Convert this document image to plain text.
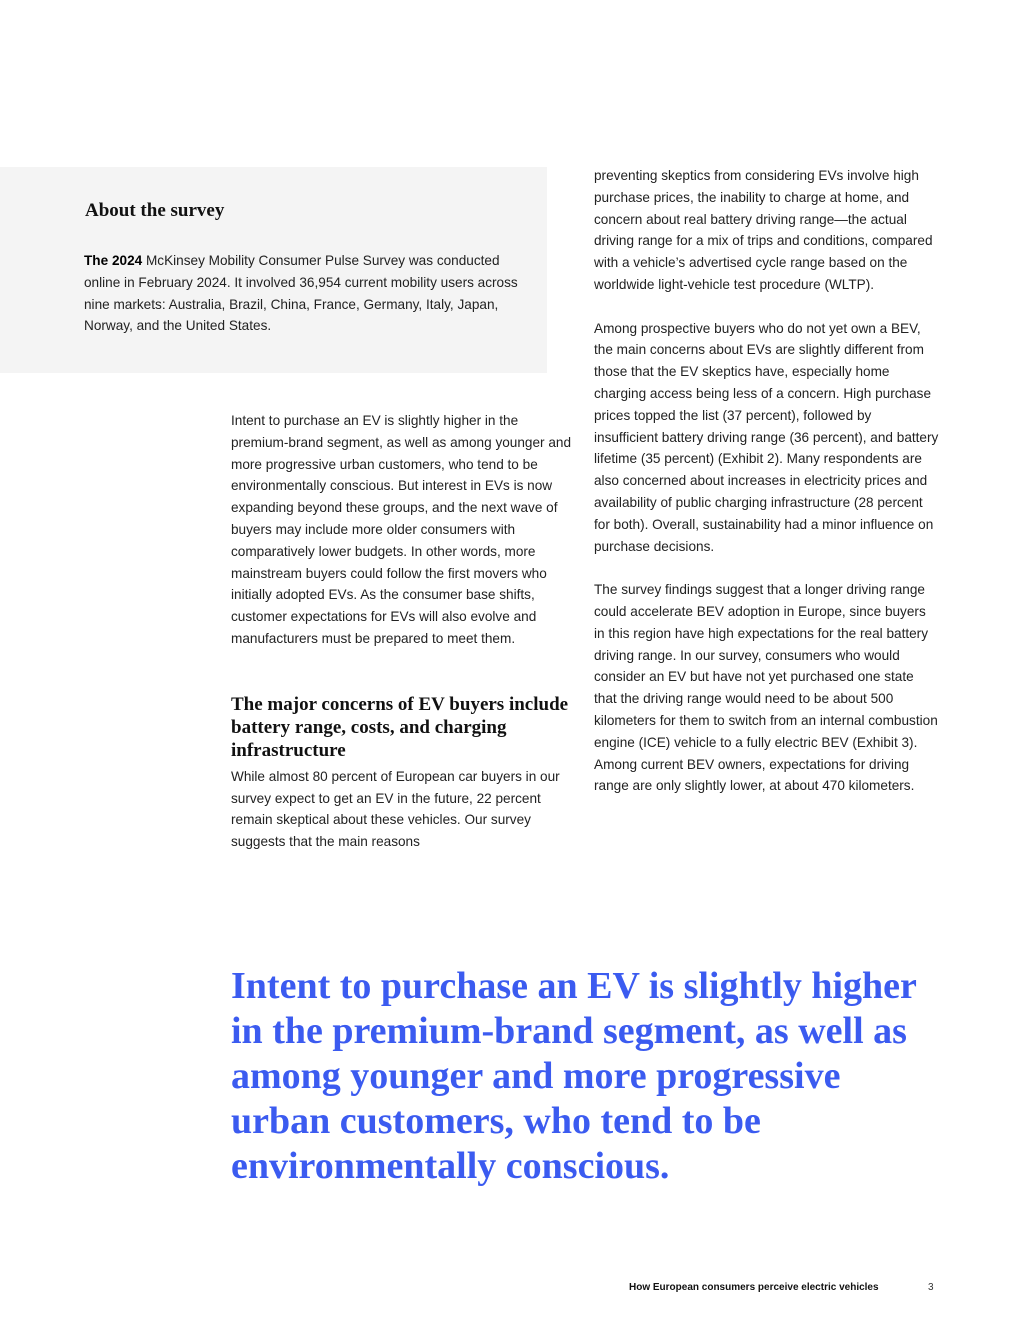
About the survey

The 2024 McKinsey Mobility Consumer Pulse Survey was conducted online in February 2024. It involved 36,954 current mobility users across nine markets: Australia, Brazil, China, France, Germany, Italy, Japan, Norway, and the United States.

Intent to purchase an EV is slightly higher in the premium-brand segment, as well as among younger and more progressive urban customers, who tend to be environmentally conscious. But interest in EVs is now expanding beyond these groups, and the next wave of buyers may include more older consumers with comparatively lower budgets. In other words, more mainstream buyers could follow the first movers who initially adopted EVs. As the consumer base shifts, customer expectations for EVs will also evolve and manufacturers must be prepared to meet them.

The major concerns of EV buyers include battery range, costs, and charging infrastructure

While almost 80 percent of European car buyers in our survey expect to get an EV in the future, 22 percent remain skeptical about these vehicles. Our survey suggests that the main reasons

preventing skeptics from considering EVs involve high purchase prices, the inability to charge at home, and concern about real battery driving range—the actual driving range for a mix of trips and conditions, compared with a vehicle’s advertised cycle range based on the worldwide light-vehicle test procedure (WLTP).

Among prospective buyers who do not yet own a BEV, the main concerns about EVs are slightly different from those that the EV skeptics have, especially home charging access being less of a concern. High purchase prices topped the list (37 percent), followed by insufficient battery driving range (36 percent), and battery lifetime (35 percent) (Exhibit 2). Many respondents are also concerned about increases in electricity prices and availability of public charging infrastructure (28 percent for both). Overall, sustainability had a minor influence on purchase decisions.

The survey findings suggest that a longer driving range could accelerate BEV adoption in Europe, since buyers in this region have high expectations for the real battery driving range. In our survey, consumers who would consider an EV but have not yet purchased one state that the driving range would need to be about 500 kilometers for them to switch from an internal combustion engine (ICE) vehicle to a fully electric BEV (Exhibit 3). Among current BEV owners, expectations for driving range are only slightly lower, at about 470 kilometers.

Intent to purchase an EV is slightly higher in the premium-brand segment, as well as among younger and more progressive urban customers, who tend to be environmentally conscious.

How European consumers perceive electric vehicles	3
